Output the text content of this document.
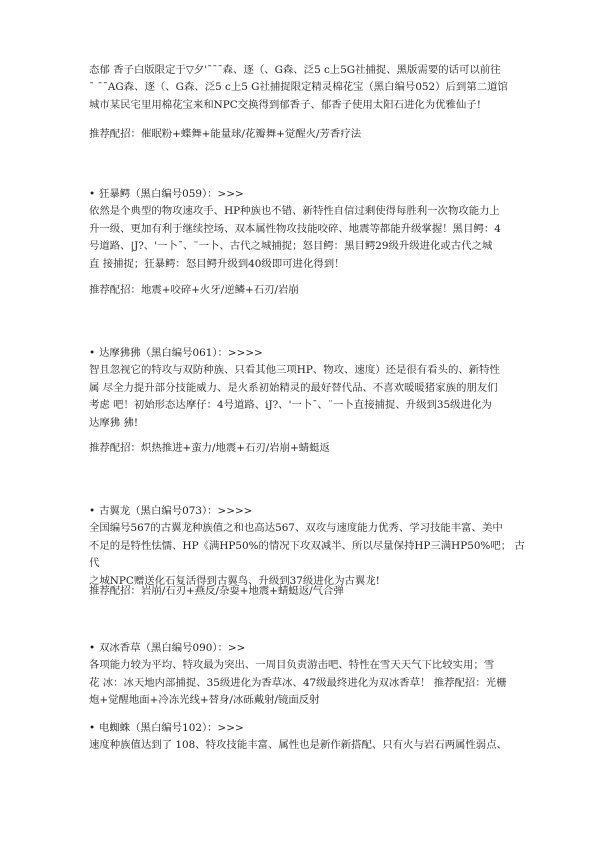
态郁 香子白版限定于▽夕'¯¯¯森、逐（、G森、泛5 c上5G社捕捉、黑版需要的话可以前往

¯ ¯¯AG森、逐（、G森、泛5 c上5 G社捕捉限定精灵棉花宝（黑白编号052）后到第二道馆

城市某民宅里用棉花宝来和NPC交换得到郁香子、郁香子使用太阳石进化为优雅仙子!

推荐配招：催眠粉+蝶舞+能量球/花瓣舞+觉醒火/芳香疗法

• 狂暴鳄（黑白编号059）：>>>

依然是个典型的物攻速攻手、HP种族也不错、新特性自信过剩使得每胜利一次物攻能力上

升一级、更加有利于继续控场、双本属性物攻技能咬碎、地震等都能升级掌握！黑目鳄：4

号道路、|J?、'一卜¯、¨一卜、古代之城捕捉；怒目鳄：黑目鳄29级升级进化或古代之城

直 接捕捉；狂暴鳄：怒目鳄升级到40级即可进化得到！

推荐配招：地震+咬碎+火牙/逆鳞+石刃/岩崩

• 达摩狒狒（黑白编号061）：>>>>

智且忽视它的特攻与双防种族、只看其他三项HP、物攻、速度）还是很有看头的、新特性

属 尽全力提升部分技能威力、是火系初始精灵的最好替代品、不喜欢暖暖猪家族的朋友们

考虑 吧！初始形态达摩仔：4号道路、iJ?、'一卜¯、¨一卜直接捕捉、升级到35级进化为

达摩狒 狒!

推荐配招：炽热推进+蛮力/地震+石刃/岩崩+蜻蜓返

• 古翼龙（黑白编号073）：>>>>

全国编号567的古翼龙种族值之和也高达567、双攻与速度能力优秀、学习技能丰富、美中

不足的是特性怯懦、HP《满HP50%的情况下攻双减半、所以尽量保持HP三满HP50%吧； 古代

之城NPC赠送化石复活得到古翼鸟、升级到37级进化为古翼龙!

推荐配招：岩崩/石刃+燕反/杂耍+地震+蜻蜓返/气合弹

• 双冰香草（黑白编号090）：>>

各项能力较为平均、特攻最为突出、一周目负责游击吧、特性在雪天天气下比较实用；雪

花 冰：冰天地内部捕捉、35级进化为香草冰、47级最终进化为双冰香草！ 推荐配招：光栅

炮+觉醒地面+冷冻光线+替身/冰砾戴射/镜面反射

• 电蜘蛛（黑白编号102）：>>>

速度种族值达到了 108、特攻技能丰富、属性也是新作新搭配、只有火与岩石两属性弱点、
